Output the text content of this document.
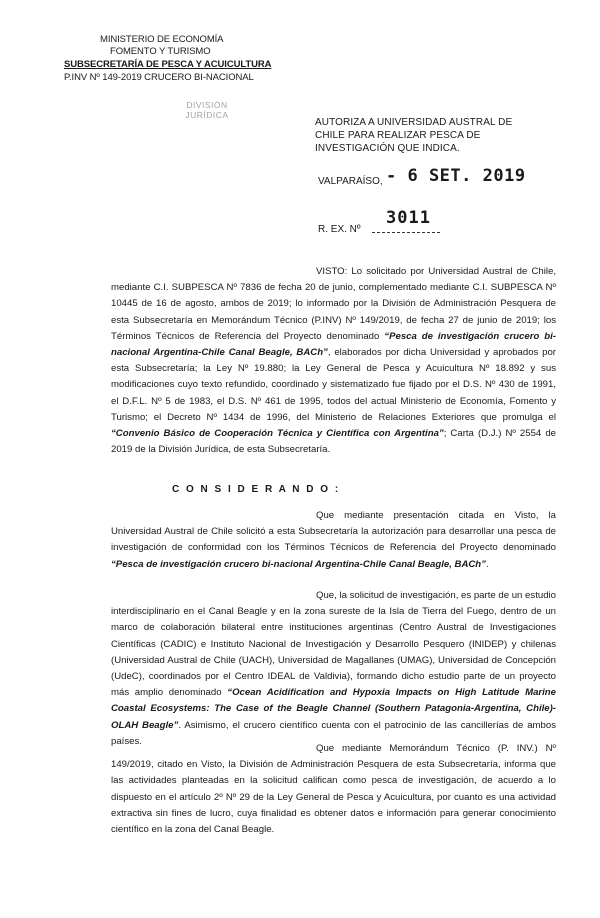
MINISTERIO DE ECONOMÍA
FOMENTO Y TURISMO
SUBSECRETARÍA DE PESCA Y ACUICULTURA
P.INV Nº 149-2019 CRUCERO BI-NACIONAL
DIVISIÓN
JURÍDICA
AUTORIZA A UNIVERSIDAD AUSTRAL DE CHILE PARA REALIZAR PESCA DE INVESTIGACIÓN QUE INDICA.
VALPARAÍSO, - 6 SET. 2019
R. EX. Nº
3011
VISTO: Lo solicitado por Universidad Austral de Chile, mediante C.I. SUBPESCA Nº 7836 de fecha 20 de junio, complementado mediante C.I. SUBPESCA Nº 10445 de 16 de agosto, ambos de 2019; lo informado por la División de Administración Pesquera de esta Subsecretaría en Memorándum Técnico (P.INV) Nº 149/2019, de fecha 27 de junio de 2019; los Términos Técnicos de Referencia del Proyecto denominado “Pesca de investigación crucero bi-nacional Argentina-Chile Canal Beagle, BACh”, elaborados por dicha Universidad y aprobados por esta Subsecretaría; la Ley Nº 19.880; la Ley General de Pesca y Acuicultura Nº 18.892 y sus modificaciones cuyo texto refundido, coordinado y sistematizado fue fijado por el D.S. Nº 430 de 1991, el D.F.L. Nº 5 de 1983, el D.S. Nº 461 de 1995, todos del actual Ministerio de Economía, Fomento y Turismo; el Decreto Nº 1434 de 1996, del Ministerio de Relaciones Exteriores que promulga el “Convenio Básico de Cooperación Técnica y Científica con Argentina”; Carta (D.J.) Nº 2554 de 2019 de la División Jurídica, de esta Subsecretaría.
C O N S I D E R A N D O :
Que mediante presentación citada en Visto, la Universidad Austral de Chile solicitó a esta Subsecretaría la autorización para desarrollar una pesca de investigación de conformidad con los Términos Técnicos de Referencia del Proyecto denominado “Pesca de investigación crucero bi-nacional Argentina-Chile Canal Beagle, BACh”.
Que, la solicitud de investigación, es parte de un estudio interdisciplinario en el Canal Beagle y en la zona sureste de la Isla de Tierra del Fuego, dentro de un marco de colaboración bilateral entre instituciones argentinas (Centro Austral de Investigaciones Científicas (CADIC) e Instituto Nacional de Investigación y Desarrollo Pesquero (INIDEP) y chilenas (Universidad Austral de Chile (UACH), Universidad de Magallanes (UMAG), Universidad de Concepción (UdeC), coordinados por el Centro IDEAL de Valdivia), formando dicho estudio parte de un proyecto más amplio denominado “Ocean Acidification and Hypoxia Impacts on High Latitude Marine Coastal Ecosystems: The Case of the Beagle Channel (Southern Patagonia-Argentina, Chile)- OLAH Beagle”. Asimismo, el crucero científico cuenta con el patrocinio de las cancillerías de ambos países.
Que mediante Memorándum Técnico (P. INV.) Nº 149/2019, citado en Visto, la División de Administración Pesquera de esta Subsecretaría, informa que las actividades planteadas en la solicitud califican como pesca de investigación, de acuerdo a lo dispuesto en el artículo 2º Nº 29 de la Ley General de Pesca y Acuicultura, por cuanto es una actividad extractiva sin fines de lucro, cuya finalidad es obtener datos e información para generar conocimiento científico en la zona del Canal Beagle.
